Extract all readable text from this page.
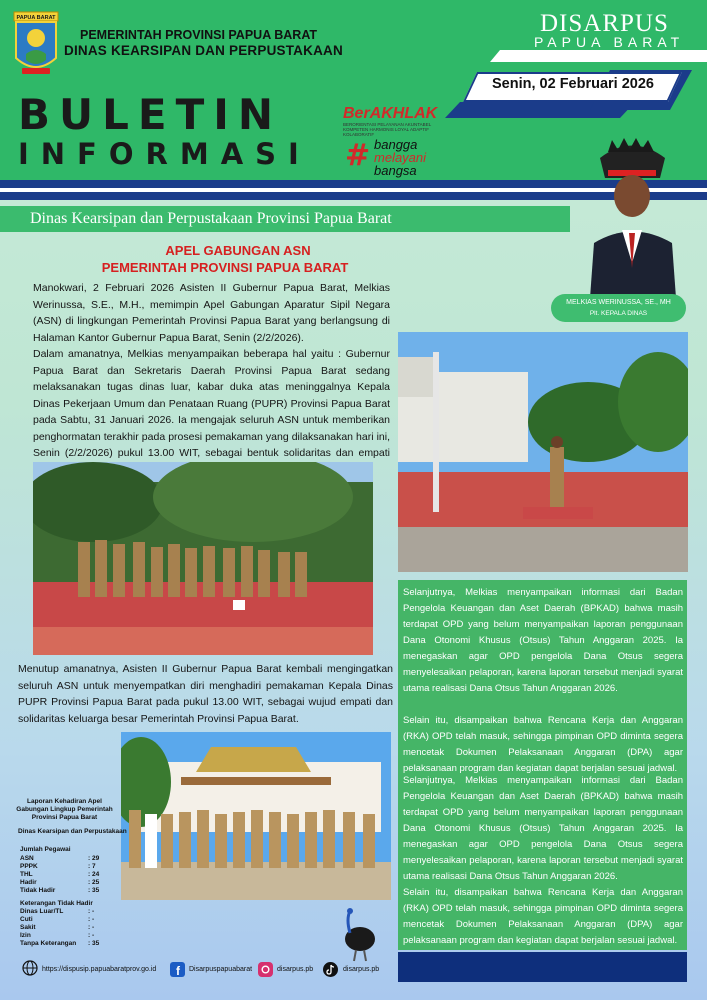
PAPUA BARAT
PEMERINTAH PROVINSI PAPUA BARAT
DINAS KEARSIPAN DAN PERPUSTAKAAN
DISARPUS
PAPUA BARAT
Senin, 02 Februari 2026
BULETIN
INFORMASI
BerAKHLAK
BERORIENTASI PELAYANAN AKUNTABEL KOMPETEN HARMONIS LOYAL ADAPTIF KOLABORATIF
# bangga
melayani
bangsa
Dinas Kearsipan dan Perpustakaan Provinsi Papua Barat
MELKIAS WERINUSSA, SE., MH
Plt. KEPALA DINAS
APEL GABUNGAN ASN
PEMERINTAH PROVINSI PAPUA BARAT

Manokwari, 2 Februari 2026 Asisten II Gubernur Papua Barat, Melkias Werinussa, S.E., M.H., memimpin Apel Gabungan Aparatur Sipil Negara (ASN) di lingkungan Pemerintah Provinsi Papua Barat yang berlangsung di Halaman Kantor Gubernur Papua Barat, Senin (2/2/2026).

Dalam amanatnya, Melkias menyampaikan beberapa hal yaitu : Gubernur Papua Barat dan Sekretaris Daerah Provinsi Papua Barat sedang melaksanakan tugas dinas luar, kabar duka atas meninggalnya Kepala Dinas Pekerjaan Umum dan Penataan Ruang (PUPR) Provinsi Papua Barat pada Sabtu, 31 Januari 2026. Ia mengajak seluruh ASN untuk memberikan penghormatan terakhir pada prosesi pemakaman yang dilaksanakan hari ini, Senin (2/2/2026) pukul 13.00 WIT, sebagai bentuk solidaritas dan empati

Selanjutnya, Melkias menyampaikan informasi dari Badan Pengelola Keuangan dan Aset Daerah (BPKAD) bahwa masih terdapat OPD yang belum menyampaikan laporan penggunaan Dana Otonomi Khusus (Otsus) Tahun Anggaran 2025. Ia menegaskan agar OPD pengelola Dana Otsus segera menyelesaikan pelaporan, karena laporan tersebut menjadi syarat utama realisasi Dana Otsus Tahun Anggaran 2026.

Selain itu, disampaikan bahwa Rencana Kerja dan Anggaran (RKA) OPD telah masuk, sehingga pimpinan OPD diminta segera mencetak Dokumen Pelaksanaan Anggaran (DPA) agar pelaksanaan program dan kegiatan dapat berjalan sesuai jadwal.

Selanjutnya, Melkias menyampaikan informasi dari Badan Pengelola Keuangan dan Aset Daerah (BPKAD) bahwa masih terdapat OPD yang belum menyampaikan laporan penggunaan Dana Otonomi Khusus (Otsus) Tahun Anggaran 2025. Ia menegaskan agar OPD pengelola Dana Otsus segera menyelesaikan pelaporan, karena laporan tersebut menjadi syarat utama realisasi Dana Otsus Tahun Anggaran 2026.

Selain itu, disampaikan bahwa Rencana Kerja dan Anggaran (RKA) OPD telah masuk, sehingga pimpinan OPD diminta segera mencetak Dokumen Pelaksanaan Anggaran (DPA) agar pelaksanaan program dan kegiatan dapat berjalan sesuai jadwal.

Menutup amanatnya, Asisten II Gubernur Papua Barat kembali mengingatkan seluruh ASN untuk menyempatkan diri menghadiri pemakaman Kepala Dinas PUPR Provinsi Papua Barat pada pukul 13.00 WIT, sebagai wujud empati dan solidaritas keluarga besar Pemerintah Provinsi Papua Barat.

Laporan Kehadiran Apel
Gabungan Lingkup Pemerintah
Provinsi Papua Barat
Dinas Kearsipan dan Perpustakaan
Jumlah Pegawai
ASN	: 29
PPPK	: 7
THL	: 24
Hadir	: 25
Tidak Hadir	: 35
Keterangan Tidak Hadir
Dinas Luar/TL	: -
Cuti	: -
Sakit	: -
Izin	: -
Tanpa Keterangan : 35
https://dispusip.papuabaratprov.go.id f Disarpuspapuabarat	disarpus.pb	disarpus.pb
